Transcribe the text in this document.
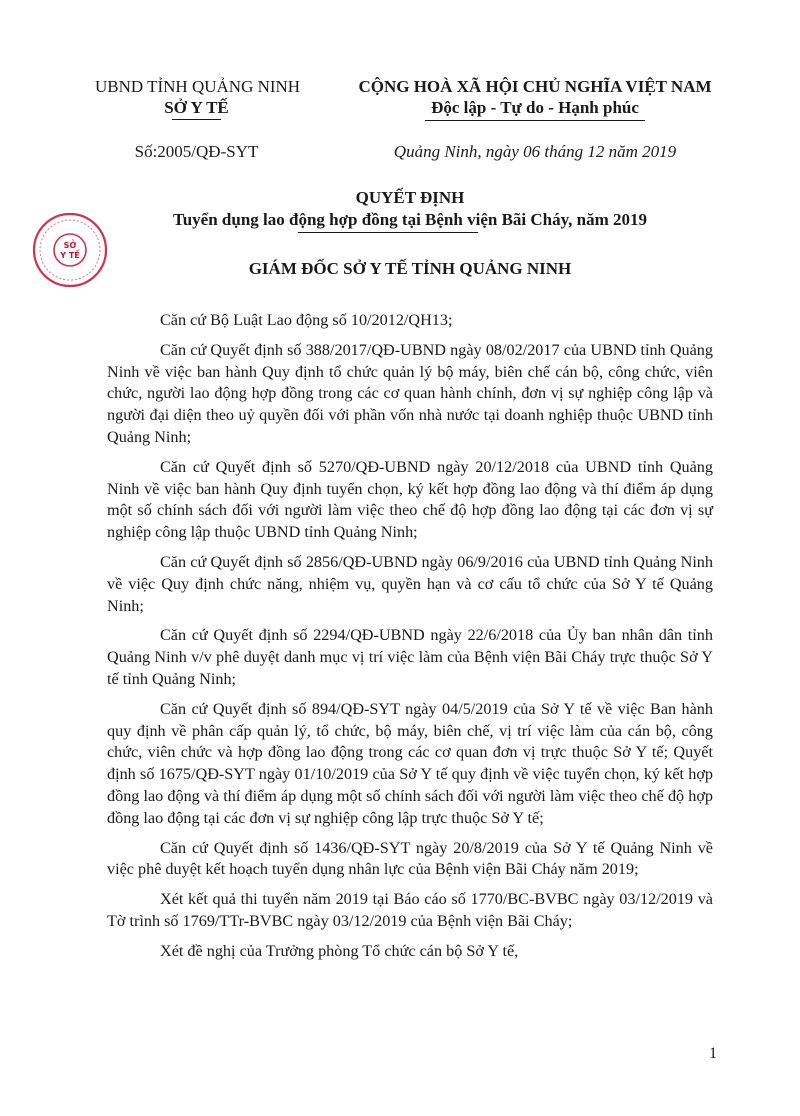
UBND TỈNH QUẢNG NINH
SỞ Y TẾ
CỘNG HOÀ XÃ HỘI CHỦ NGHĨA VIỆT NAM
Độc lập - Tự do - Hạnh phúc
Số:2005/QĐ-SYT	Quảng Ninh, ngày 06 tháng 12 năm 2019
QUYẾT ĐỊNH
Tuyển dụng lao động hợp đồng tại Bệnh viện Bãi Cháy, năm 2019
GIÁM ĐỐC SỞ Y TẾ TỈNH QUẢNG NINH
SỞ
Y TẾ

Căn cứ Bộ Luật Lao động số 10/2012/QH13;

Căn cứ Quyết định số 388/2017/QĐ-UBND ngày 08/02/2017 của UBND tỉnh Quảng Ninh về việc ban hành Quy định tổ chức quản lý bộ máy, biên chế cán bộ, công chức, viên chức, người lao động hợp đồng trong các cơ quan hành chính, đơn vị sự nghiệp công lập và người đại diện theo uỷ quyền đối với phần vốn nhà nước tại doanh nghiệp thuộc UBND tỉnh Quảng Ninh;

Căn cứ Quyết định số 5270/QĐ-UBND ngày 20/12/2018 của UBND tỉnh Quảng Ninh về việc ban hành Quy định tuyển chọn, ký kết hợp đồng lao động và thí điểm áp dụng một số chính sách đối với người làm việc theo chế độ hợp đồng lao động tại các đơn vị sự nghiệp công lập thuộc UBND tỉnh Quảng Ninh;

Căn cứ Quyết định số 2856/QĐ-UBND ngày 06/9/2016 của UBND tỉnh Quảng Ninh về việc Quy định chức năng, nhiệm vụ, quyền hạn và cơ cấu tổ chức của Sở Y tế Quảng Ninh;

Căn cứ Quyết định số 2294/QĐ-UBND ngày 22/6/2018 của Ủy ban nhân dân tỉnh Quảng Ninh v/v phê duyệt danh mục vị trí việc làm của Bệnh viện Bãi Cháy trực thuộc Sở Y tế tỉnh Quảng Ninh;

Căn cứ Quyết định số 894/QĐ-SYT ngày 04/5/2019 của Sở Y tế về việc Ban hành quy định về phân cấp quản lý, tổ chức, bộ máy, biên chế, vị trí việc làm của cán bộ, công chức, viên chức và hợp đồng lao động trong các cơ quan đơn vị trực thuộc Sở Y tế; Quyết định số 1675/QĐ-SYT ngày 01/10/2019 của Sở Y tế quy định về việc tuyển chọn, ký kết hợp đồng lao động và thí điểm áp dụng một số chính sách đối với người làm việc theo chế độ hợp đồng lao động tại các đơn vị sự nghiệp công lập trực thuộc Sở Y tế;

Căn cứ Quyết định số 1436/QĐ-SYT ngày 20/8/2019 của Sở Y tế Quảng Ninh về việc phê duyệt kết hoạch tuyển dụng nhân lực của Bệnh viện Bãi Cháy năm 2019;

Xét kết quả thi tuyển năm 2019 tại Báo cáo số 1770/BC-BVBC ngày 03/12/2019 và Tờ trình số 1769/TTr-BVBC ngày 03/12/2019 của Bệnh viện Bãi Cháy;

Xét đề nghị của Trưởng phòng Tổ chức cán bộ Sở Y tế,

1
